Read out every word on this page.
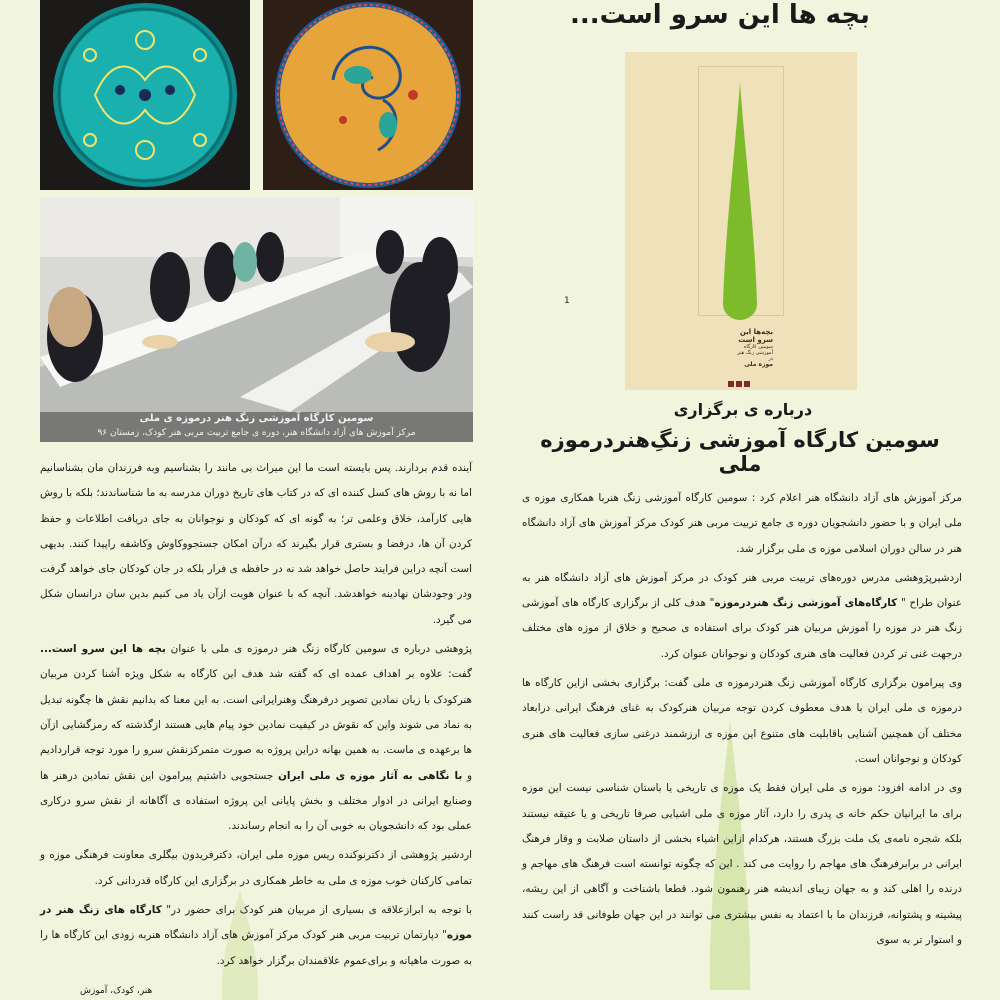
سومین کارگاه آموزشی زنگ هنر درموزه ی ملی
مرکز آموزش های آزاد دانشگاه هنر، دوره ی جامع تربیت مربی هنر کودک، زمستان ۹۶
بچه ها این سرو است...
بچه‌ها این سرو است
سومین کارگاه آموزشی زنگ هنر
در
موزه ملی
1
درباره ی برگزاری
سومین کارگاه آموزشی زنگِ‌هنردرموزه ملی

مرکز آموزش های آزاد دانشگاه هنر اعلام کرد : سومین کارگاه آموزشی زنگ هنربا همکاری موزه ی ملی ایران و با حضور دانشجویان دوره ی جامع تربیت مربی هنر کودک مرکز آموزش های آزاد دانشگاه هنر در سالن دوران اسلامی موزه ی ملی برگزار شد.

اردشیرپژوهشی مدرس دوره‌های تربیت مربی هنر کودک در مرکز آموزش های آزاد دانشگاه هنر به عنوان طراح " کارگاه‌های آموزشی زنگ هنردرموزه" هدف کلی از برگزاری کارگاه های آموزشی زنگ هنر در موزه را آموزش مربیان هنر کودک برای استفاده ی صحیح و خلاق از موزه های مختلف درجهت غنی تر کردن فعالیت های هنری کودکان و نوجوانان عنوان کرد.

وی پیرامون برگزاری کارگاه آموزشی زنگ هنردرموزه ی ملی گفت: برگزاری بخشی ازاین کارگاه ها درموزه ی ملی ایران با هدف معطوف کردن توجه مربیان هنرکودک به غنای فرهنگ ایرانی درابعاد مختلف آن همچنین آشنایی باقابلیت های متنوع این موزه ی ارزشمند درغنی سازی فعالیت های هنری کودکان و نوجوانان است.

وی در ادامه افزود: موزه ی ملی ایران فقط یک موزه ی تاریخی یا باستان شناسی نیست این موزه برای ما ایرانیان حکم خانه ی پدری را دارد، آثار موزه ی ملی اشیایی صرفا تاریخی و یا عتیقه نیستند بلکه شجره نامه‌ی یک ملت بزرگ هستند، هرکدام ازاین اشیاء بخشی از داستان صلابت و وقار فرهنگ ایرانی در برابرفرهنگ های مهاجم را روایت می کند . این که چگونه توانسته است فرهنگ های مهاجم و درنده را اهلی کند و به جهان زیبای اندیشه هنر رهنمون شود. قطعا باشناخت و آگاهی از این ریشه، پیشینه و پشتوانه، فرزندان ما با اعتماد به نفس بیشتری می توانند در این جهان طوفانی قد راست کنند و استوار تر به سوی

آینده قدم بردارند. پس بایسته است ما این میراث بی مانند را بشناسیم وبه فرزندان مان بشناسانیم اما نه با روش های کسل کننده ای که در کتاب های تاریخ دوران مدرسه به ما شناساندند؛ بلکه با روش هایی کارآمد، خلاق وعلمی تر؛ به گونه ای که کودکان و نوجوانان به جای دریافت اطلاعات و حفظ کردن آن ها، درفضا و بستری قرار بگیرند که درآن امکان جستجووکاوش وکاشفه راپیدا کنند. بدیهی است آنچه دراین فرایند حاصل خواهد شد نه در حافظه ی فرار بلکه در جان کودکان جای خواهد گرفت ودر وجودشان نهادینه خواهدشد. آنچه که با عنوان هویت ازآن یاد می کنیم بدین سان درانسان شکل می گیرد.

پژوهشی درباره ی سومین کارگاه زنگ هنر درموزه ی ملی با عنوان بچه ها این سرو است... گفت: علاوه بر اهداف عمده ای که گفته شد هدف این کارگاه به شکل ویژه آشنا کردن مربیان هنرکودک با زبان نمادین تصویر درفرهنگ وهنرایرانی است. به این معنا که بدانیم نقش ها چگونه تبدیل به نماد می شوند واین که نقوش در کیفیت نمادین خود پیام هایی هستند ازگذشته که رمزگشایی ازآن ها برعهده ی ماست. به همین بهانه دراین پروژه به صورت متمرکزنقش سرو را مورد توجه قرارداديم و با نگاهی به آثار موزه ی ملی ایران جستجویی داشتیم پیرامون این نقش نمادین درهنر ها وصنایع ایرانی در ادوار مختلف و بخش پایانی این پروژه استفاده ی آگاهانه از نقش سرو درکاری عملی بود که دانشجویان به خوبی آن را به انجام رساندند.

اردشیر پژوهشی از دکترنوکنده ریس موزه ملی ایران، دکترفريدون بيگلری معاونت فرهنگی موزه و تمامی کارکنان خوب موزه ی ملی به خاطر همکاری در برگزاری این کارگاه قدردانی کرد.

با توجه به ابرازعلاقه ی بسیاری از مربیان هنر کودک برای حضور در" کارگاه های زنگ هنر در موزه" دپارتمان تربیت مربی هنر کودک مرکز آموزش های آزاد دانشگاه هنربه زودی این کارگاه ها را به صورت ماهیانه و برای‌عموم علاقمندان برگزار خواهد کرد.

هنر، کودک، آموزش
